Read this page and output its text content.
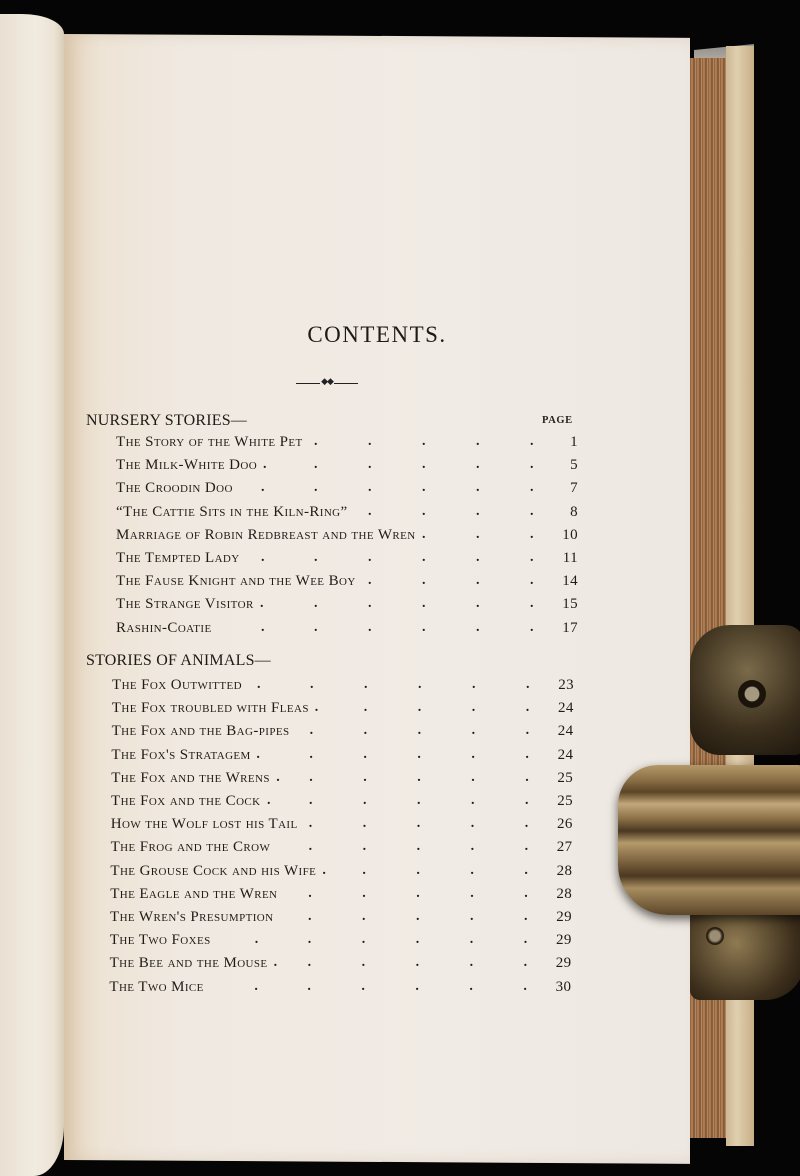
CONTENTS.
◆◆
PAGE
NURSERY STORIES—
STORIES OF ANIMALS—
The Story of the White Pet	1
.	.	.	.	.
The Milk-White Doo	5
.	.	.	.	.
.
The Croodin Doo	7
.	.	.	.	.	.
“The Cattie Sits in the Kiln-Ring”	8
.	.	.	.
Marriage of Robin Redbreast and the Wren	10
.	.
.
The Tempted Lady	11
.	.	.	.	.	.
The Fause Knight and the Wee Boy	14
.	.	.	.
The Strange Visitor	15
.	.	.	.	.
.
Rashin-Coatie	17
.	.	.	.	.	.
The Fox Outwitted	23
.	.	.	.	.	.
The Fox troubled with Fleas	24
.	.	.	.
.
The Fox and the Bag-pipes	24
.	.	.	.	.
The Fox's Stratagem	24
.	.	.	.	.
.
The Fox and the Wrens	25
.	.	.	.	.
.
The Fox and the Cock	25
.	.	.	.	.
.
How the Wolf lost his Tail	26
.	.	.	.	.
The Frog and the Crow	27
.	.	.	.	.
The Grouse Cock and his Wife	28
.	.	.	.
.
The Eagle and the Wren	28
.	.	.	.	.
The Wren's Presumption	29
.	.	.	.	.
The Two Foxes	29
.	.	.	.	.	.
The Bee and the Mouse	29
.	.	.	.	.
.
The Two Mice	30
.	.	.	.	.	.
